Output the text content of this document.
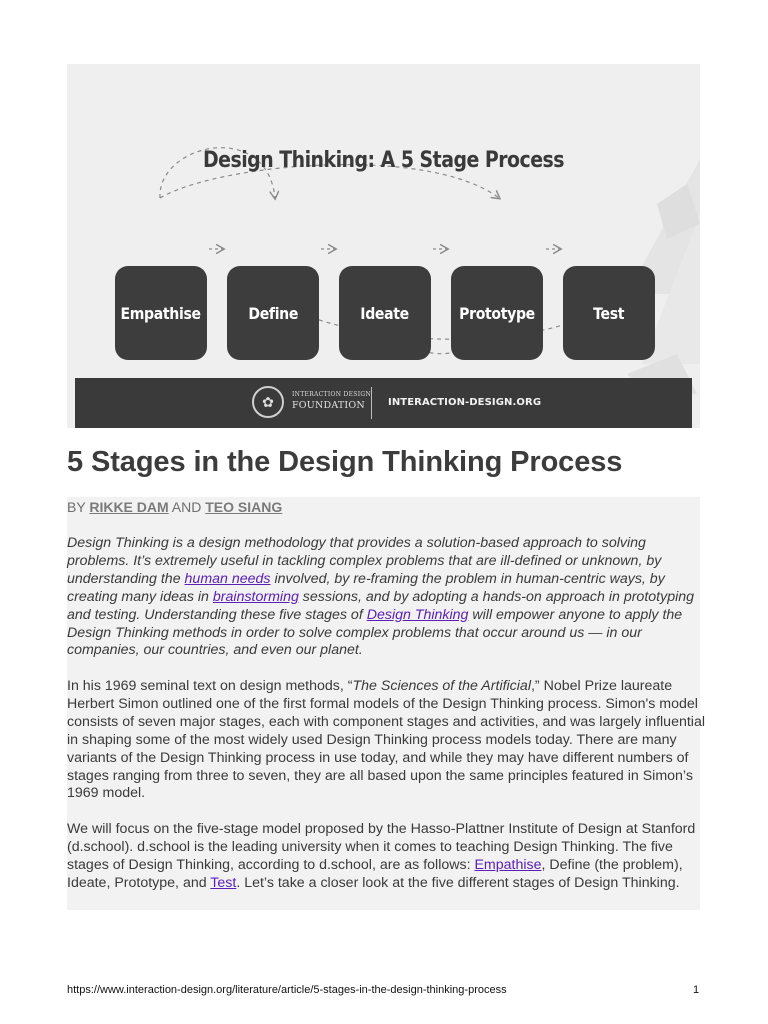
Design Thinking: A 5 Stage Process
Empathise	Define	Ideate	Prototype	Test
✿	INTERACTION DESIGN
FOUNDATION INTERACTION-DESIGN.ORG
5 Stages in the Design Thinking Process
BY RIKKE DAM AND TEO SIANG

Design Thinking is a design methodology that provides a solution-based approach to solving problems. It’s extremely useful in tackling complex problems that are ill-defined or unknown, by understanding the human needs involved, by re-framing the problem in human-centric ways, by creating many ideas in brainstorming sessions, and by adopting a hands-on approach in prototyping and testing. Understanding these five stages of Design Thinking will empower anyone to apply the Design Thinking methods in order to solve complex problems that occur around us — in our companies, our countries, and even our planet.

In his 1969 seminal text on design methods, “The Sciences of the Artificial,” Nobel Prize laureate Herbert Simon outlined one of the first formal models of the Design Thinking process. Simon's model consists of seven major stages, each with component stages and activities, and was largely influential in shaping some of the most widely used Design Thinking process models today. There are many variants of the Design Thinking process in use today, and while they may have different numbers of stages ranging from three to seven, they are all based upon the same principles featured in Simon’s 1969 model.

We will focus on the five-stage model proposed by the Hasso-Plattner Institute of Design at Stanford (d.school). d.school is the leading university when it comes to teaching Design Thinking. The five stages of Design Thinking, according to d.school, are as follows: Empathise, Define (the problem), Ideate, Prototype, and Test. Let’s take a closer look at the five different stages of Design Thinking.

https://www.interaction-design.org/literature/article/5-stages-in-the-design-thinking-process	1
